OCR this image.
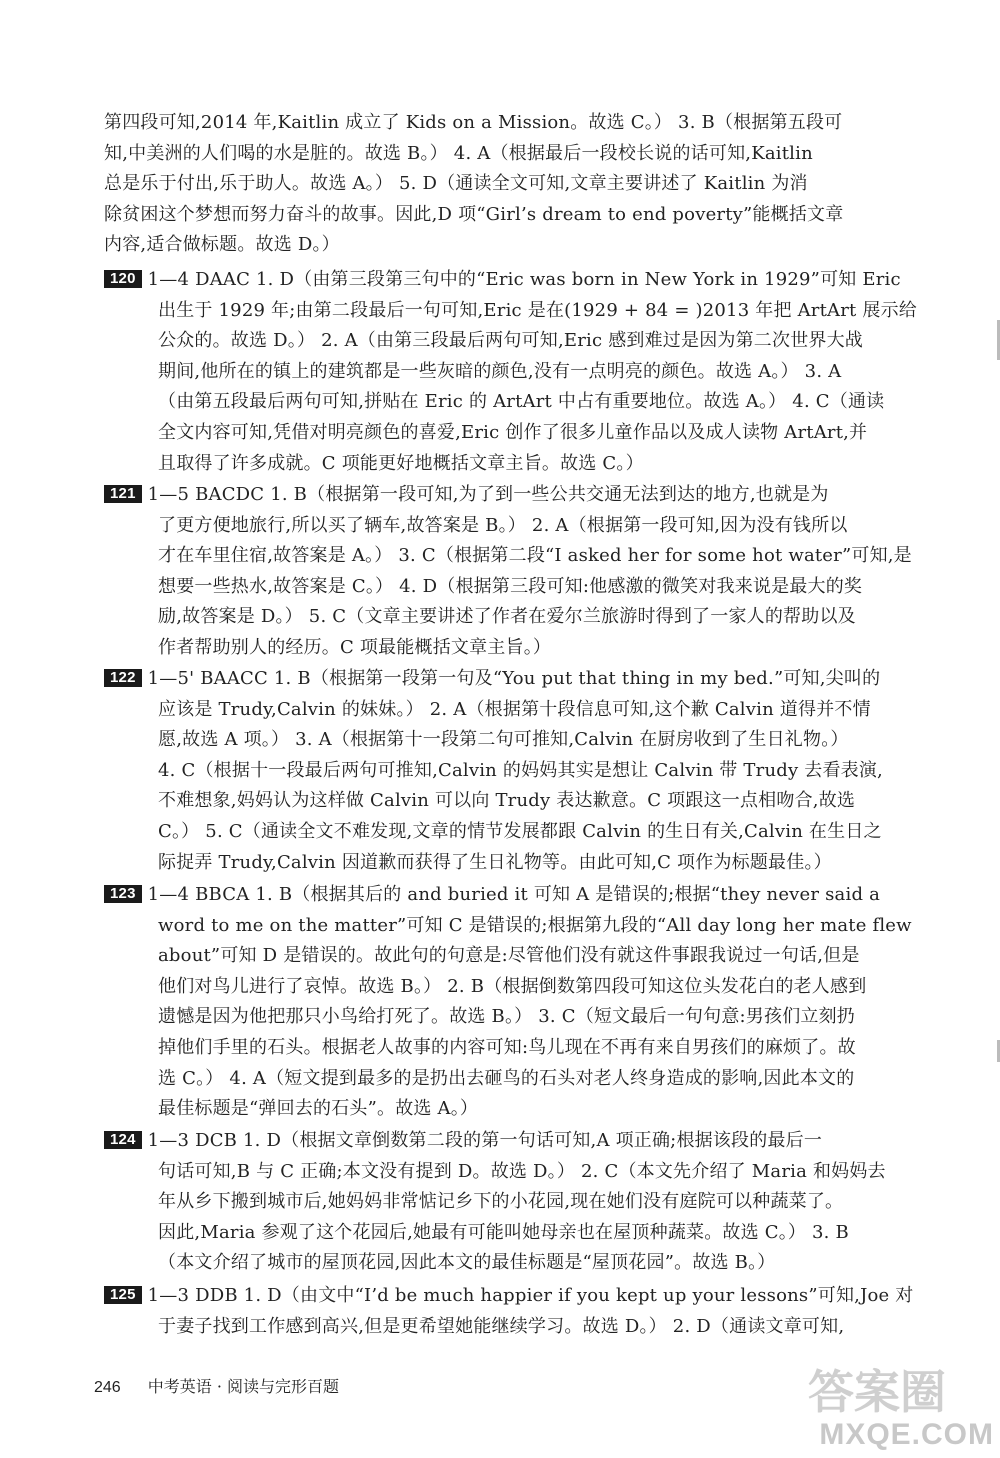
第四段可知,2014 年,Kaitlin 成立了 Kids on a Mission。故选 C。） 3. B（根据第五段可
知,中美洲的人们喝的水是脏的。故选 B。） 4. A（根据最后一段校长说的话可知,Kaitlin
总是乐于付出,乐于助人。故选 A。） 5. D（通读全文可知,文章主要讲述了 Kaitlin 为消
除贫困这个梦想而努力奋斗的故事。因此,D 项“Girl’s dream to end poverty”能概括文章
内容,适合做标题。故选 D。）
120 1—4 DAAC 1. D（由第三段第三句中的“Eric was born in New York in 1929”可知 Eric
出生于 1929 年;由第二段最后一句可知,Eric 是在(1929 + 84 = )2013 年把 ArtArt 展示给
公众的。故选 D。） 2. A（由第三段最后两句可知,Eric 感到难过是因为第二次世界大战
期间,他所在的镇上的建筑都是一些灰暗的颜色,没有一点明亮的颜色。故选 A。） 3. A
（由第五段最后两句可知,拼贴在 Eric 的 ArtArt 中占有重要地位。故选 A。） 4. C（通读
全文内容可知,凭借对明亮颜色的喜爱,Eric 创作了很多儿童作品以及成人读物 ArtArt,并
且取得了许多成就。C 项能更好地概括文章主旨。故选 C。）
121 1—5 BACDC 1. B（根据第一段可知,为了到一些公共交通无法到达的地方,也就是为
了更方便地旅行,所以买了辆车,故答案是 B。） 2. A（根据第一段可知,因为没有钱所以
才在车里住宿,故答案是 A。） 3. C（根据第二段“I asked her for some hot water”可知,是
想要一些热水,故答案是 C。） 4. D（根据第三段可知:他感激的微笑对我来说是最大的奖
励,故答案是 D。） 5. C（文章主要讲述了作者在爱尔兰旅游时得到了一家人的帮助以及
作者帮助别人的经历。C 项最能概括文章主旨。）
122 1—5' BAACC 1. B（根据第一段第一句及“You put that thing in my bed.”可知,尖叫的
应该是 Trudy,Calvin 的妹妹。） 2. A（根据第十段信息可知,这个歉 Calvin 道得并不情
愿,故选 A 项。） 3. A（根据第十一段第二句可推知,Calvin 在厨房收到了生日礼物。）
4. C（根据十一段最后两句可推知,Calvin 的妈妈其实是想让 Calvin 带 Trudy 去看表演,
不难想象,妈妈认为这样做 Calvin 可以向 Trudy 表达歉意。C 项跟这一点相吻合,故选
C。） 5. C（通读全文不难发现,文章的情节发展都跟 Calvin 的生日有关,Calvin 在生日之
际捉弄 Trudy,Calvin 因道歉而获得了生日礼物等。由此可知,C 项作为标题最佳。）
123 1—4 BBCA 1. B（根据其后的 and buried it 可知 A 是错误的;根据“they never said a
word to me on the matter”可知 C 是错误的;根据第九段的“All day long her mate flew
about”可知 D 是错误的。故此句的句意是:尽管他们没有就这件事跟我说过一句话,但是
他们对鸟儿进行了哀悼。故选 B。） 2. B（根据倒数第四段可知这位头发花白的老人感到
遗憾是因为他把那只小鸟给打死了。故选 B。） 3. C（短文最后一句句意:男孩们立刻扔
掉他们手里的石头。根据老人故事的内容可知:鸟儿现在不再有来自男孩们的麻烦了。故
选 C。） 4. A（短文提到最多的是扔出去砸鸟的石头对老人终身造成的影响,因此本文的
最佳标题是“弹回去的石头”。故选 A。）
124 1—3 DCB 1. D（根据文章倒数第二段的第一句话可知,A 项正确;根据该段的最后一
句话可知,B 与 C 正确;本文没有提到 D。故选 D。） 2. C（本文先介绍了 Maria 和妈妈去
年从乡下搬到城市后,她妈妈非常惦记乡下的小花园,现在她们没有庭院可以种蔬菜了。
因此,Maria 参观了这个花园后,她最有可能叫她母亲也在屋顶种蔬菜。故选 C。） 3. B
（本文介绍了城市的屋顶花园,因此本文的最佳标题是“屋顶花园”。故选 B。）
125 1—3 DDB 1. D（由文中“I’d be much happier if you kept up your lessons”可知,Joe 对
于妻子找到工作感到高兴,但是更希望她能继续学习。故选 D。） 2. D（通读文章可知,
246 中考英语 · 阅读与完形百题	答案圈
MXQE.COM
